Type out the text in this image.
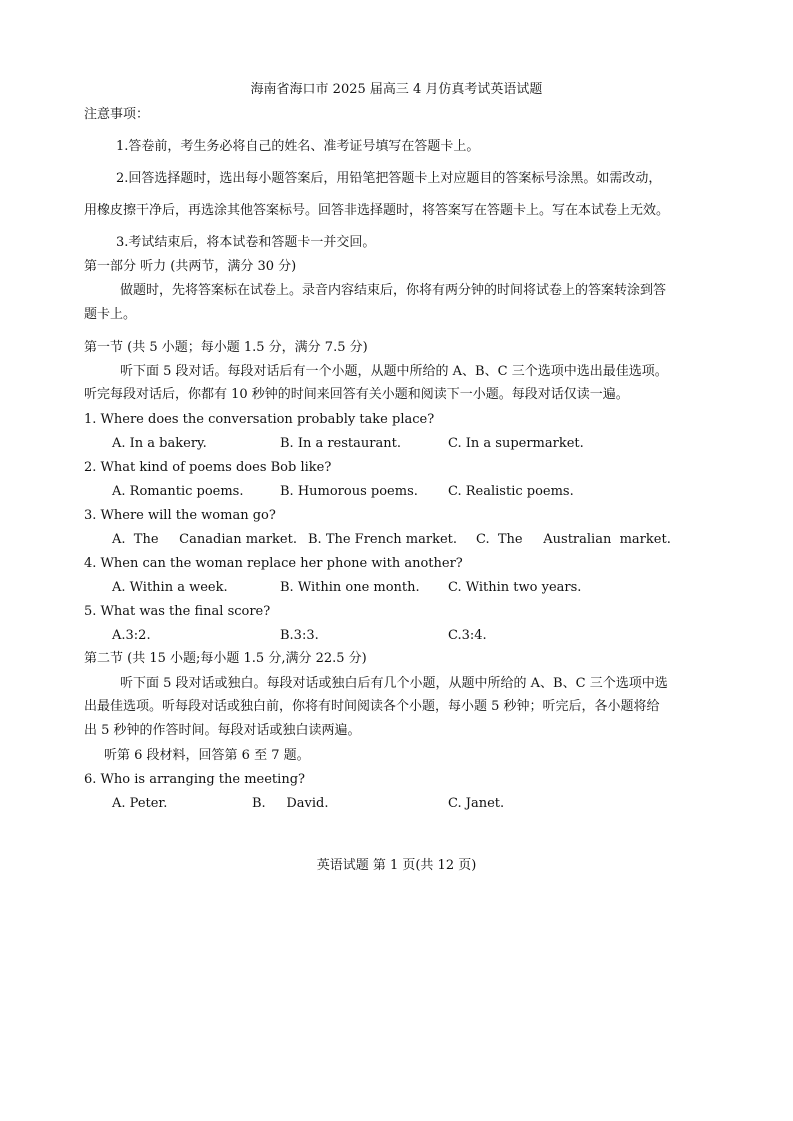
海南省海口市 2025 届高三 4 月仿真考试英语试题
注意事项：
1.答卷前，考生务必将自己的姓名、准考证号填写在答题卡上。
2.回答选择题时，选出每小题答案后，用铅笔把答题卡上对应题目的答案标号涂黑。如需改动，
用橡皮擦干净后，再选涂其他答案标号。回答非选择题时，将答案写在答题卡上。写在本试卷上无效。
3.考试结束后，将本试卷和答题卡一并交回。
第一部分 听力 (共两节，满分 30 分)
做题时，先将答案标在试卷上。录音内容结束后，你将有两分钟的时间将试卷上的答案转涂到答
题卡上。
第一节 (共 5 小题；每小题 1.5 分，满分 7.5 分)
听下面 5 段对话。每段对话后有一个小题，从题中所给的 A、B、C 三个选项中选出最佳选项。
听完每段对话后，你都有 10 秒钟的时间来回答有关小题和阅读下一小题。每段对话仅读一遍。
1. Where does the conversation probably take place?
A. In a bakery.	B. In a restaurant.	C. In a supermarket.
2. What kind of poems does Bob like?
A. Romantic poems.	B. Humorous poems. C. Realistic poems.
3. Where will the woman go?
A.  The     Canadian market. B. The French market. C.  The     Australian  market.
4. When can the woman replace her phone with another?
A. Within a week.	B. Within one month. C. Within two years.
5. What was the final score?
A.3:2.	B.3:3.	C.3:4.
第二节 (共 15 小题;每小题 1.5 分,满分 22.5 分)
听下面 5 段对话或独白。每段对话或独白后有几个小题，从题中所给的 A、B、C 三个选项中选
出最佳选项。听每段对话或独白前，你将有时间阅读各个小题，每小题 5 秒钟；听完后，各小题将给
出 5 秒钟的作答时间。每段对话或独白读两遍。
听第 6 段材料，回答第 6 至 7 题。
6. Who is arranging the meeting?
A. Peter.	B.     David.	C. Janet.
英语试题 第 1 页(共 12 页)
